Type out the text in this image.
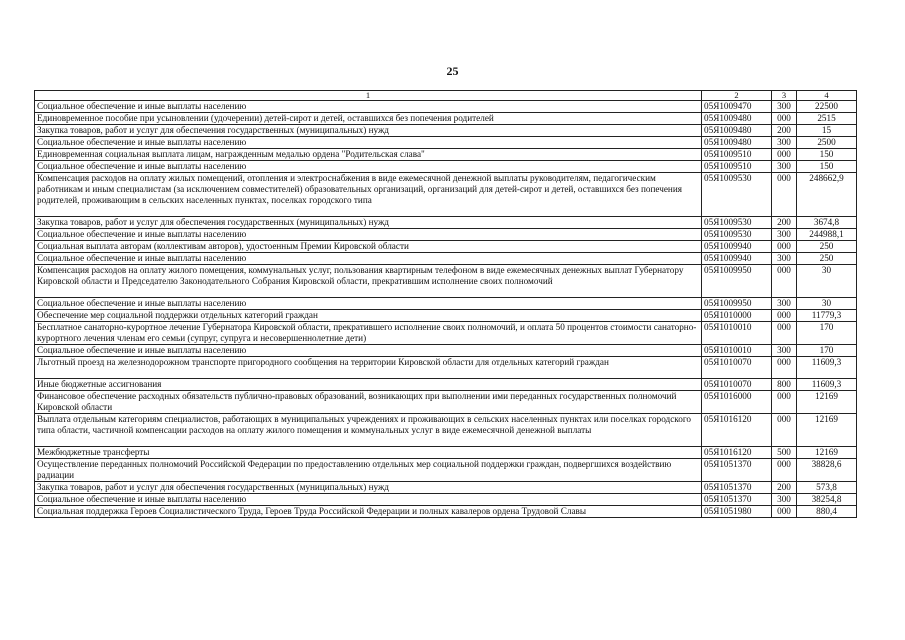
25
1	2	3	4
Социальное обеспечение и иные выплаты населению	05Я1009470	300	22500
Единовременное пособие при усыновлении (удочерении) детей-сирот и детей, оставшихся без попечения родителей	05Я1009480	000	2515
Закупка товаров, работ и услуг для обеспечения государственных (муниципальных) нужд	05Я1009480	200	15
Социальное обеспечение и иные выплаты населению	05Я1009480	300	2500
Единовременная социальная выплата лицам, награжденным медалью ордена "Родительская слава"	05Я1009510	000	150
Социальное обеспечение и иные выплаты населению	05Я1009510	300	150
Компенсация расходов на оплату жилых помещений, отопления и электроснабжения в виде ежемесячной денежной выплаты руководителям, педагогическим работникам и иным специалистам (за исключением совместителей) образовательных организаций, организаций для детей-сирот и детей, оставшихся без попечения родителей, проживающим в сельских населенных пунктах, поселках городского типа	05Я1009530	000	248662,9
Закупка товаров, работ и услуг для обеспечения государственных (муниципальных) нужд	05Я1009530	200	3674,8
Социальное обеспечение и иные выплаты населению	05Я1009530	300	244988,1
Социальная выплата авторам (коллективам авторов), удостоенным Премии Кировской области	05Я1009940	000	250
Социальное обеспечение и иные выплаты населению	05Я1009940	300	250
Компенсация расходов на оплату жилого помещения, коммунальных услуг, пользования квартирным телефоном в виде ежемесячных денежных выплат Губернатору Кировской области и Председателю Законодательного Собрания Кировской области, прекратившим исполнение своих полномочий	05Я1009950	000	30
Социальное обеспечение и иные выплаты населению	05Я1009950	300	30
Обеспечение мер социальной поддержки отдельных категорий граждан	05Я1010000	000	11779,3
Бесплатное санаторно-курортное лечение Губернатора Кировской области, прекратившего исполнение своих полномочий, и оплата 50 процентов стоимости санаторно-курортного лечения членам его семьи (супруг, супруга и несовершеннолетние дети)	05Я1010010	000	170
Социальное обеспечение и иные выплаты населению	05Я1010010	300	170
Льготный проезд на железнодорожном транспорте пригородного сообщения на территории Кировской области для отдельных категорий граждан	05Я1010070	000	11609,3
Иные бюджетные ассигнования	05Я1010070	800	11609,3
Финансовое обеспечение расходных обязательств публично-правовых образований, возникающих при выполнении ими переданных государственных полномочий Кировской области	05Я1016000	000	12169
Выплата отдельным категориям специалистов, работающих в муниципальных учреждениях и проживающих в сельских населенных пунктах или поселках городского типа области, частичной компенсации расходов на оплату жилого помещения и коммунальных услуг в виде ежемесячной денежной выплаты	05Я1016120	000	12169
Межбюджетные трансферты	05Я1016120	500	12169
Осуществление переданных полномочий Российской Федерации по предоставлению отдельных мер социальной поддержки граждан, подвергшихся воздействию радиации	05Я1051370	000	38828,6
Закупка товаров, работ и услуг для обеспечения государственных (муниципальных) нужд	05Я1051370	200	573,8
Социальное обеспечение и иные выплаты населению	05Я1051370	300	38254,8
Социальная поддержка Героев Социалистического Труда, Героев Труда Российской Федерации и полных кавалеров ордена Трудовой Славы	05Я1051980	000	880,4
